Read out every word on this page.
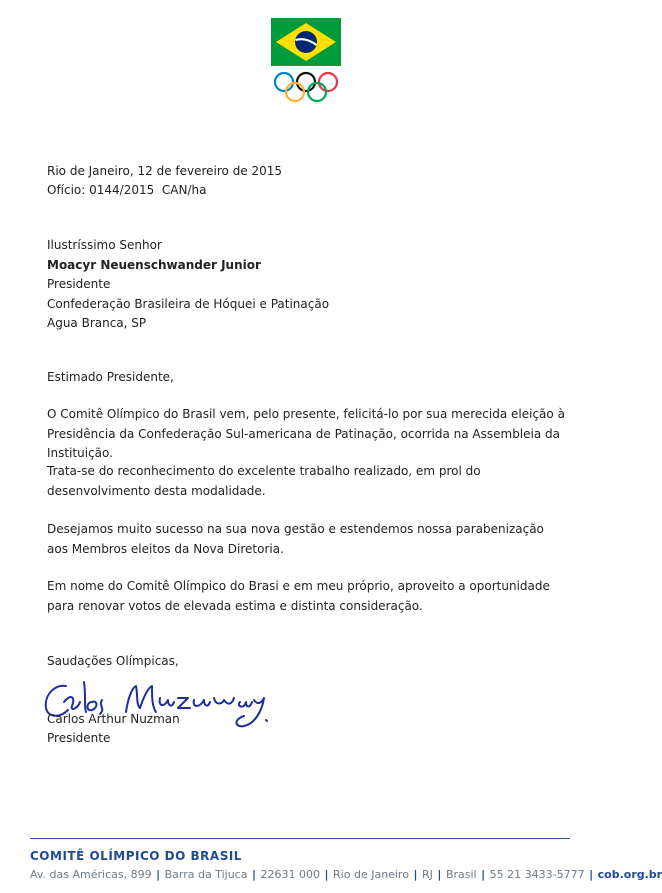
Rio de Janeiro, 12 de fevereiro de 2015
Ofício: 0144/2015  CAN/ha
Ilustríssimo Senhor
Moacyr Neuenschwander Junior
Presidente
Confederação Brasileira de Hóquei e Patinação
Agua Branca, SP
Estimado Presidente,

O Comitê Olímpico do Brasil vem, pelo presente, felicitá-lo por sua merecida eleição à Presidência da Confederação Sul-americana de Patinação, ocorrida na Assembleia da Instituição.

Trata-se do reconhecimento do excelente trabalho realizado, em prol do desenvolvimento desta modalidade.

Desejamos muito sucesso na sua nova gestão e estendemos nossa parabenização aos Membros eleitos da Nova Diretoria.

Em nome do Comitê Olímpico do Brasi e em meu próprio, aproveito a oportunidade para renovar votos de elevada estima e distinta consideração.

Saudações Olímpicas,
Carlos Arthur Nuzman
Presidente
COMITÊ OLÍMPICO DO BRASIL
Av. das Américas, 899 | Barra da Tijuca | 22631 000 | Rio de Janeiro | RJ | Brasil | 55 21 3433-5777 | cob.org.br
